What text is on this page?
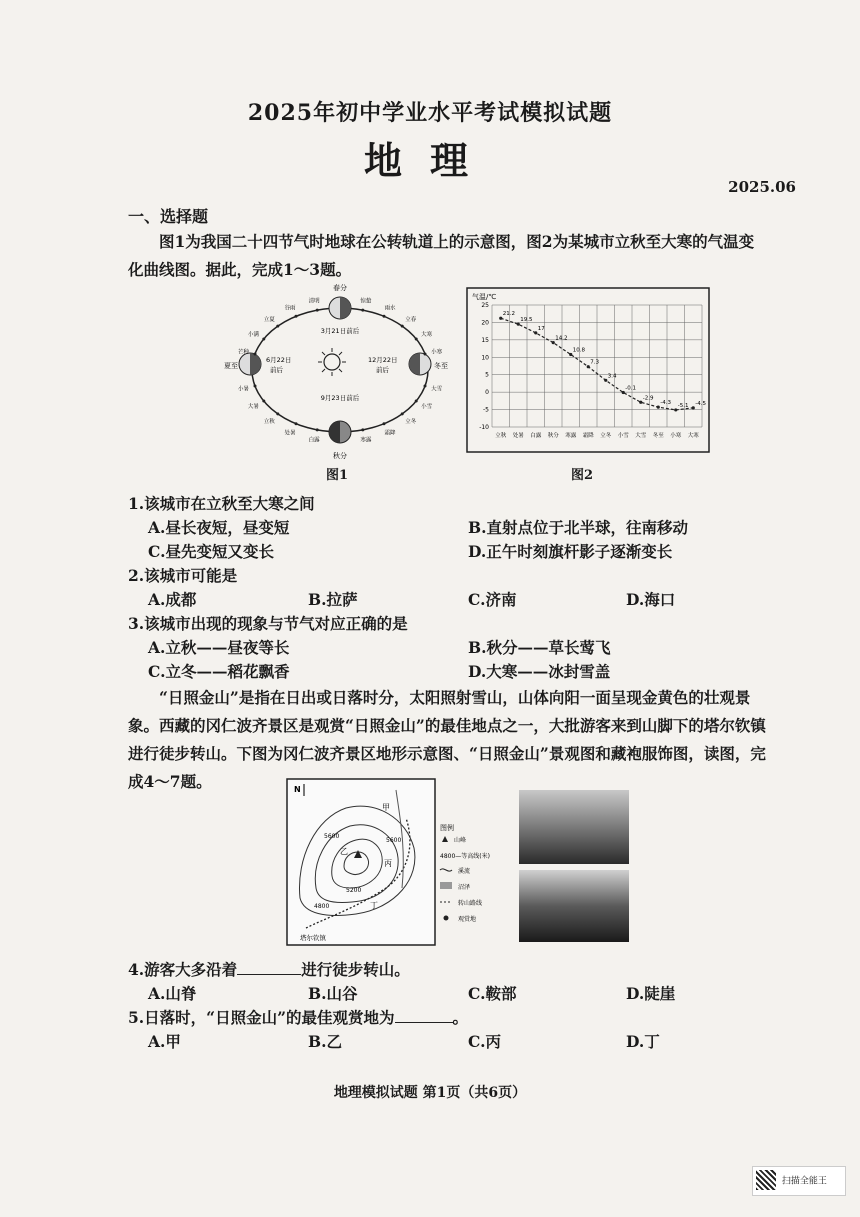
2025年初中学业水平考试模拟试题
地理
2025.06
一、选择题
图1为我国二十四节气时地球在公转轨道上的示意图，图2为某城市立秋至大寒的气温变化曲线图。据此，完成1～3题。
春分
夏至
秋分
冬至
3月21日前后
6月22日
前后
12月22日
前后
9月23日前后
清明
谷雨
立夏
小满
芒种
小暑
大暑
立秋
处暑
白露	寒露
霜降
立冬
小雪
大雪
小寒
大寒
立春
雨水
惊蛰
图1
气温/℃
-10
-5
0
5
10
15
20
25
立秋 处暑 白露 秋分 寒露 霜降 立冬 小雪 大雪 冬至 小寒 大寒
21.2
19.5
17
14.2
10.8
7.3
3.4
-0.1
-2.9
-4.3 -5.1 -4.5
图2
1.该城市在立秋至大寒之间
A.昼长夜短，昼变短	B.直射点位于北半球，往南移动
C.昼先变短又变长	D.正午时刻旗杆影子逐渐变长
2.该城市可能是
A.成都	B.拉萨	C.济南	D.海口
3.该城市出现的现象与节气对应正确的是
A.立秋——昼夜等长	B.秋分——草长莺飞
C.立冬——稻花飘香	D.大寒——冰封雪盖
“日照金山”是指在日出或日落时分，太阳照射雪山，山体向阳一面呈现金黄色的壮观景象。西藏的冈仁波齐景区是观赏“日照金山”的最佳地点之一，大批游客来到山脚下的塔尔钦镇进行徒步转山。下图为冈仁波齐景区地形示意图、“日照金山”景观图和藏袍服饰图，读图，完成4～7题。	N
5600
5200
4800
5600
甲
乙
丙
丁
塔尔钦镇
图例
山峰
4800—等高线(米)
溪流
沼泽
转山路线
观赏地
4.游客大多沿着	进行徒步转山。
A.山脊	B.山谷	C.鞍部	D.陡崖
5.日落时，“日照金山”的最佳观赏地为	。
A.甲	B.乙	C.丙	D.丁
地理模拟试题 第1页（共6页）
扫描全能王
